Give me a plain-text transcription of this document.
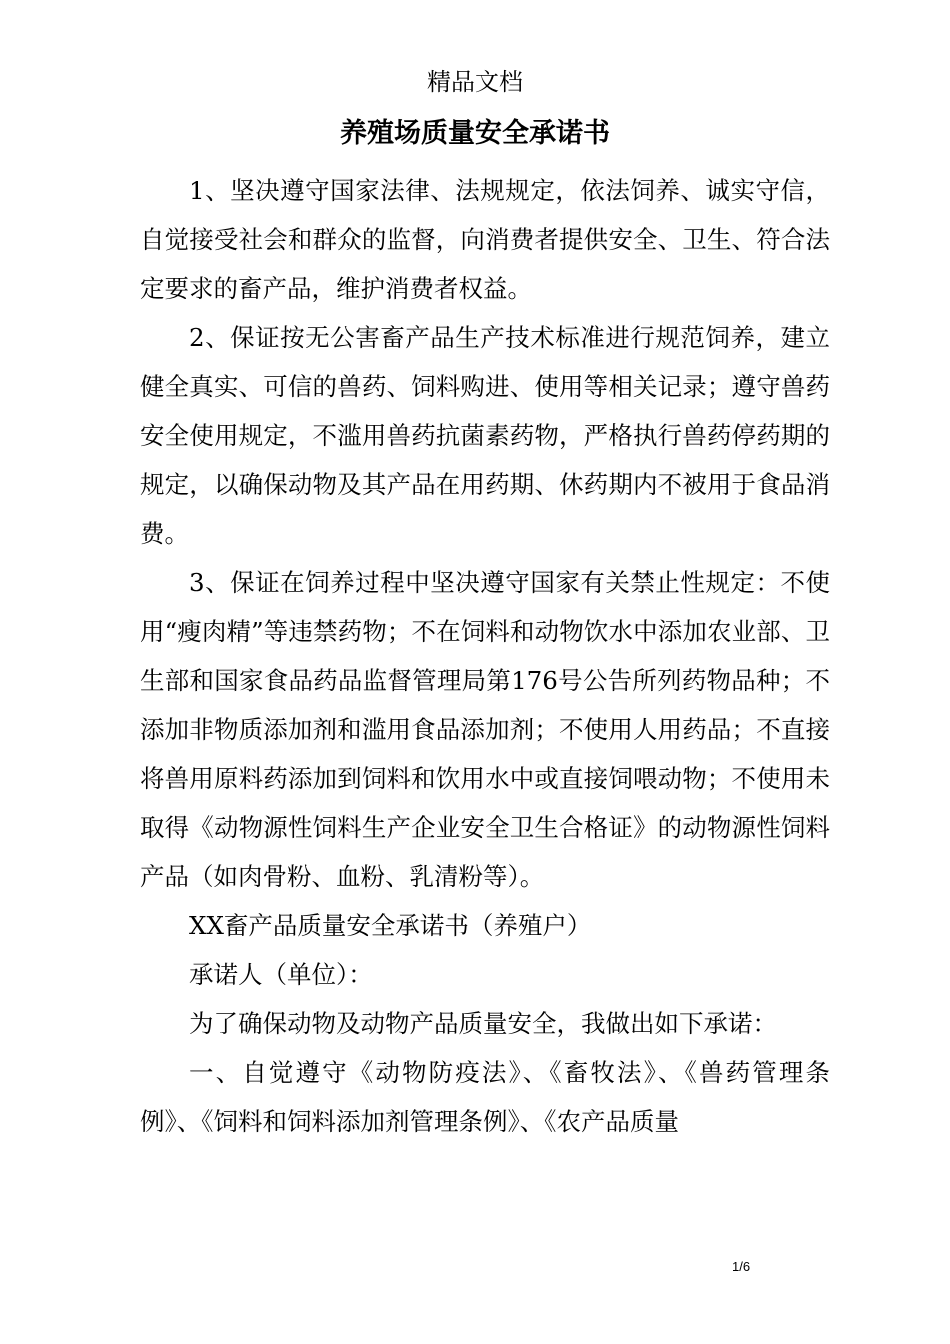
精品文档
养殖场质量安全承诺书

1、坚决遵守国家法律、法规规定，依法饲养、诚实守信，自觉接受社会和群众的监督，向消费者提供安全、卫生、符合法定要求的畜产品，维护消费者权益。

2、保证按无公害畜产品生产技术标准进行规范饲养，建立健全真实、可信的兽药、饲料购进、使用等相关记录；遵守兽药安全使用规定，不滥用兽药抗菌素药物，严格执行兽药停药期的规定，以确保动物及其产品在用药期、休药期内不被用于食品消费。

3、保证在饲养过程中坚决遵守国家有关禁止性规定：不使用“瘦肉精”等违禁药物；不在饲料和动物饮水中添加农业部、卫生部和国家食品药品监督管理局第176号公告所列药物品种；不添加非物质添加剂和滥用食品添加剂；不使用人用药品；不直接将兽用原料药添加到饲料和饮用水中或直接饲喂动物；不使用未取得《动物源性饲料生产企业安全卫生合格证》的动物源性饲料产品（如肉骨粉、血粉、乳清粉等）。

XX畜产品质量安全承诺书（养殖户）

承诺人（单位）：

为了确保动物及动物产品质量安全，我做出如下承诺：

一、自觉遵守《动物防疫法》、《畜牧法》、《兽药管理条例》、《饲料和饲料添加剂管理条例》、《农产品质量

1/6
